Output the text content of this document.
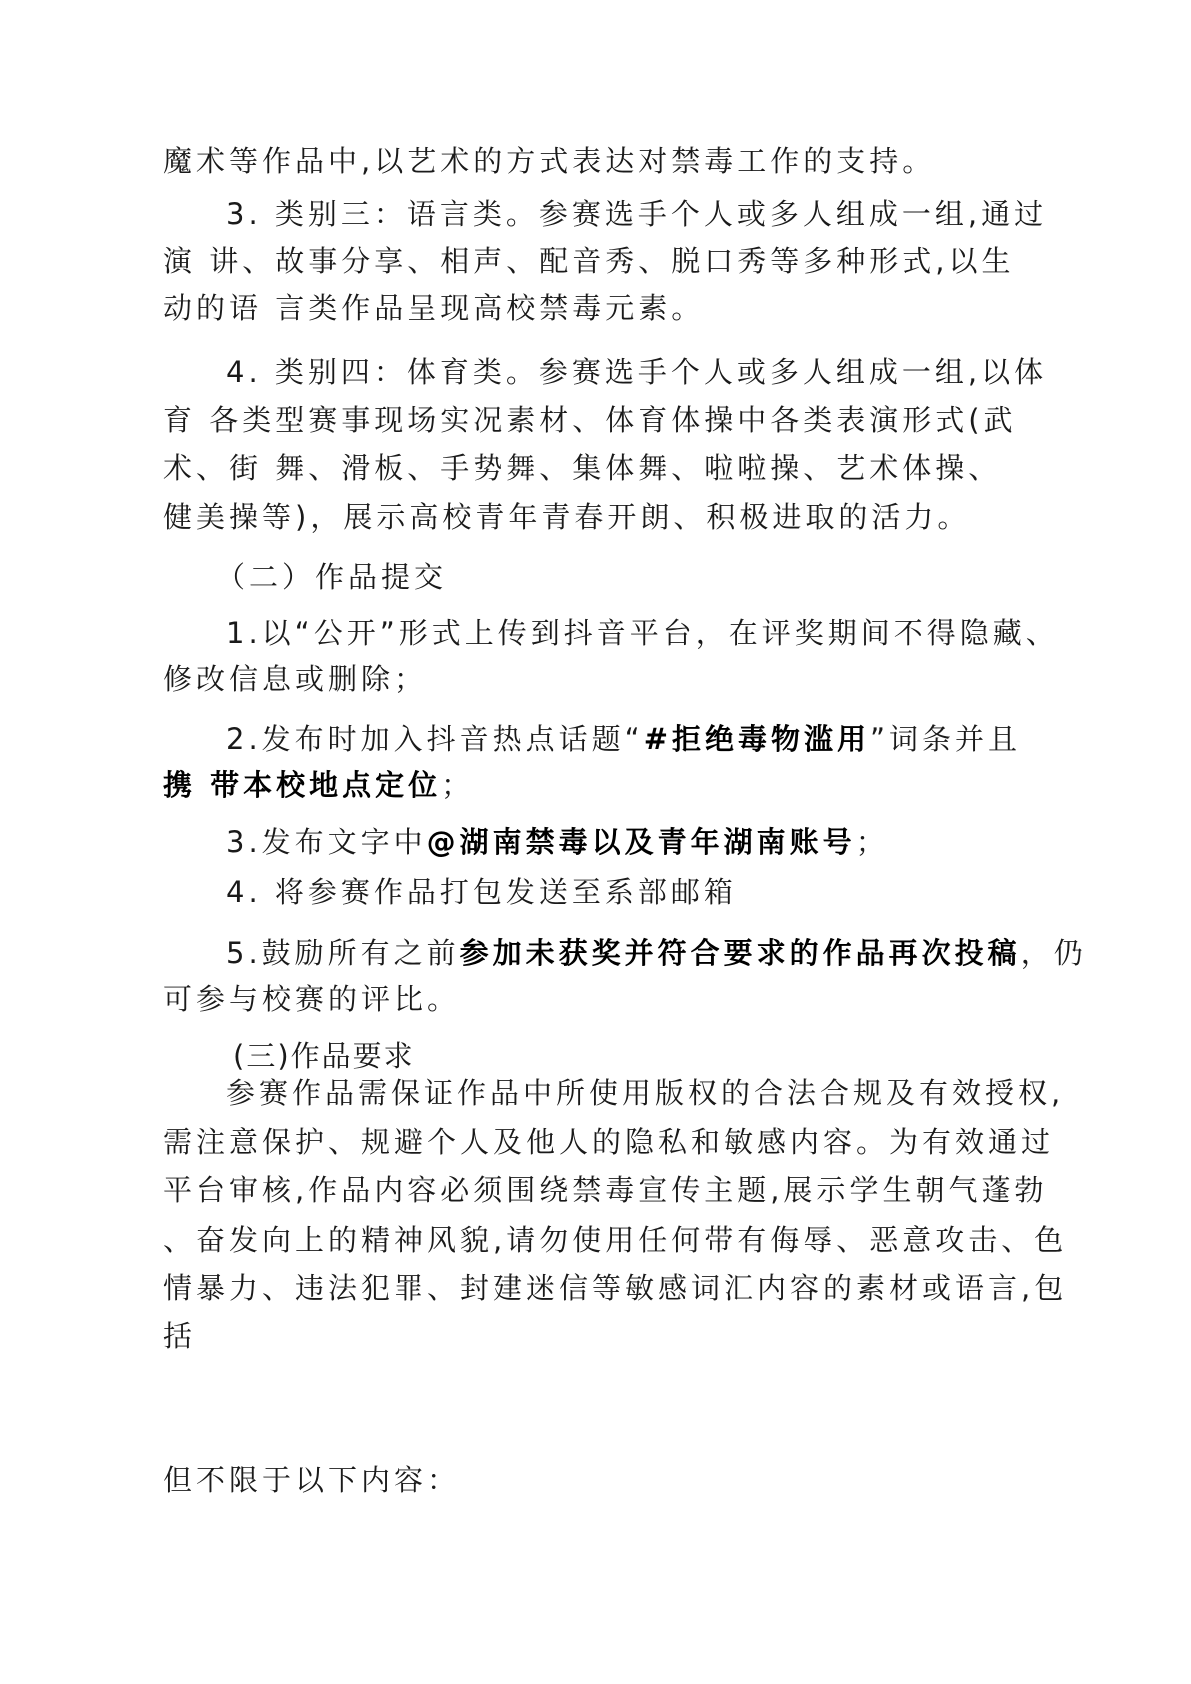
魔术等作品中,以艺术的方式表达对禁毒工作的支持。
3. 类别三：语言类。参赛选手个人或多人组成一组,通过
演 讲、故事分享、相声、配音秀、脱口秀等多种形式,以生
动的语 言类作品呈现高校禁毒元素。
4. 类别四：体育类。参赛选手个人或多人组成一组,以体
育 各类型赛事现场实况素材、体育体操中各类表演形式(武
术、街 舞、滑板、手势舞、集体舞、啦啦操、艺术体操、
健美操等)，展示高校青年青春开朗、积极进取的活力。
（二）作品提交
1.以“公开”形式上传到抖音平台，在评奖期间不得隐藏、
修改信息或删除；
2.发布时加入抖音热点话题“#拒绝毒物滥用”词条并且
携 带本校地点定位；
3.发布文字中@湖南禁毒以及青年湖南账号；
4. 将参赛作品打包发送至系部邮箱
5.鼓励所有之前参加未获奖并符合要求的作品再次投稿，仍
可参与校赛的评比。
(三)作品要求
参赛作品需保证作品中所使用版权的合法合规及有效授权,
需注意保护、规避个人及他人的隐私和敏感内容。为有效通过
平台审核,作品内容必须围绕禁毒宣传主题,展示学生朝气蓬勃
、奋发向上的精神风貌,请勿使用任何带有侮辱、恶意攻击、色
情暴力、违法犯罪、封建迷信等敏感词汇内容的素材或语言,包
括
但不限于以下内容：
